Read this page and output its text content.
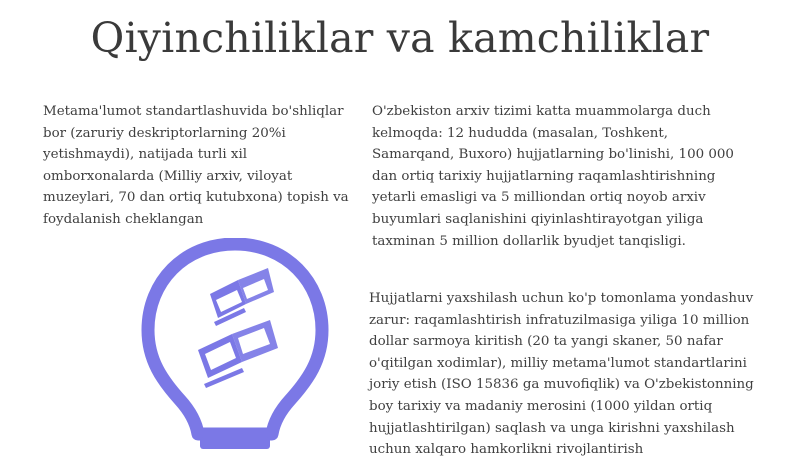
Qiyinchiliklar va kamchiliklar

Metama'lumot standartlashuvida bo'shliqlar bor (zaruriy deskriptorlarning 20%i yetishmaydi), natijada turli xil omborxonalarda (Milliy arxiv, viloyat muzeylari, 70 dan ortiq kutubxona) topish va foydalanish cheklangan

O'zbekiston arxiv tizimi katta muammolarga duch kelmoqda: 12 hududda (masalan, Toshkent, Samarqand, Buxoro) hujjatlarning bo'linishi, 100 000 dan ortiq tarixiy hujjatlarning raqamlashtirishning yetarli emasligi va 5 milliondan ortiq noyob arxiv buyumlari saqlanishini qiyinlashtirayotgan yiliga taxminan 5 million dollarlik byudjet tanqisligi.

Hujjatlarni yaxshilash uchun ko'p tomonlama yondashuv zarur: raqamlashtirish infratuzilmasiga yiliga 10 million dollar sarmoya kiritish (20 ta yangi skaner, 50 nafar o'qitilgan xodimlar), milliy metama'lumot standartlarini joriy etish (ISO 15836 ga muvofiqlik) va O'zbekistonning boy tarixiy va madaniy merosini (1000 yildan ortiq hujjatlashtirilgan) saqlash va unga kirishni yaxshilash uchun xalqaro hamkorlikni rivojlantirish
